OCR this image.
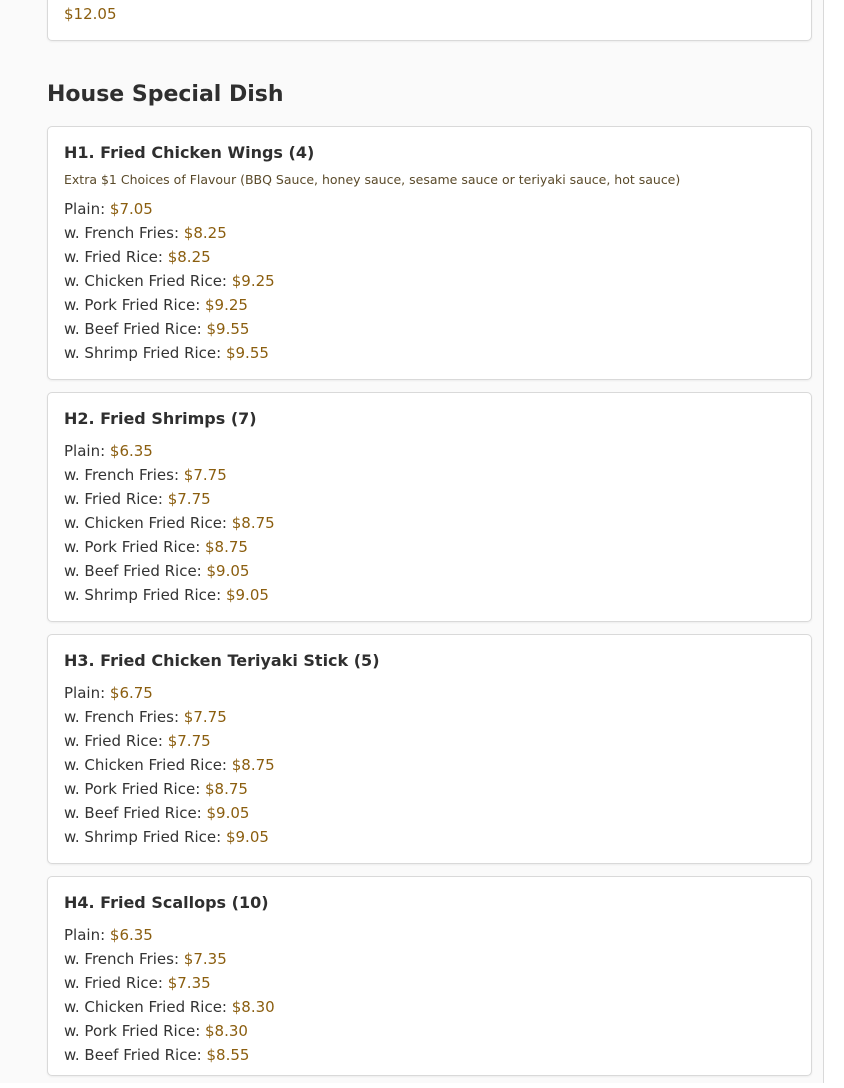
$12.05
House Special Dish
H1. Fried Chicken Wings (4)
Extra $1 Choices of Flavour (BBQ Sauce, honey sauce, sesame sauce or teriyaki sauce, hot sauce)
Plain: $7.05
w. French Fries: $8.25
w. Fried Rice: $8.25
w. Chicken Fried Rice: $9.25
w. Pork Fried Rice: $9.25
w. Beef Fried Rice: $9.55
w. Shrimp Fried Rice: $9.55
H2. Fried Shrimps (7)
Plain: $6.35
w. French Fries: $7.75
w. Fried Rice: $7.75
w. Chicken Fried Rice: $8.75
w. Pork Fried Rice: $8.75
w. Beef Fried Rice: $9.05
w. Shrimp Fried Rice: $9.05
H3. Fried Chicken Teriyaki Stick (5)
Plain: $6.75
w. French Fries: $7.75
w. Fried Rice: $7.75
w. Chicken Fried Rice: $8.75
w. Pork Fried Rice: $8.75
w. Beef Fried Rice: $9.05
w. Shrimp Fried Rice: $9.05
H4. Fried Scallops (10)
Plain: $6.35
w. French Fries: $7.35
w. Fried Rice: $7.35
w. Chicken Fried Rice: $8.30
w. Pork Fried Rice: $8.30
w. Beef Fried Rice: $8.55
